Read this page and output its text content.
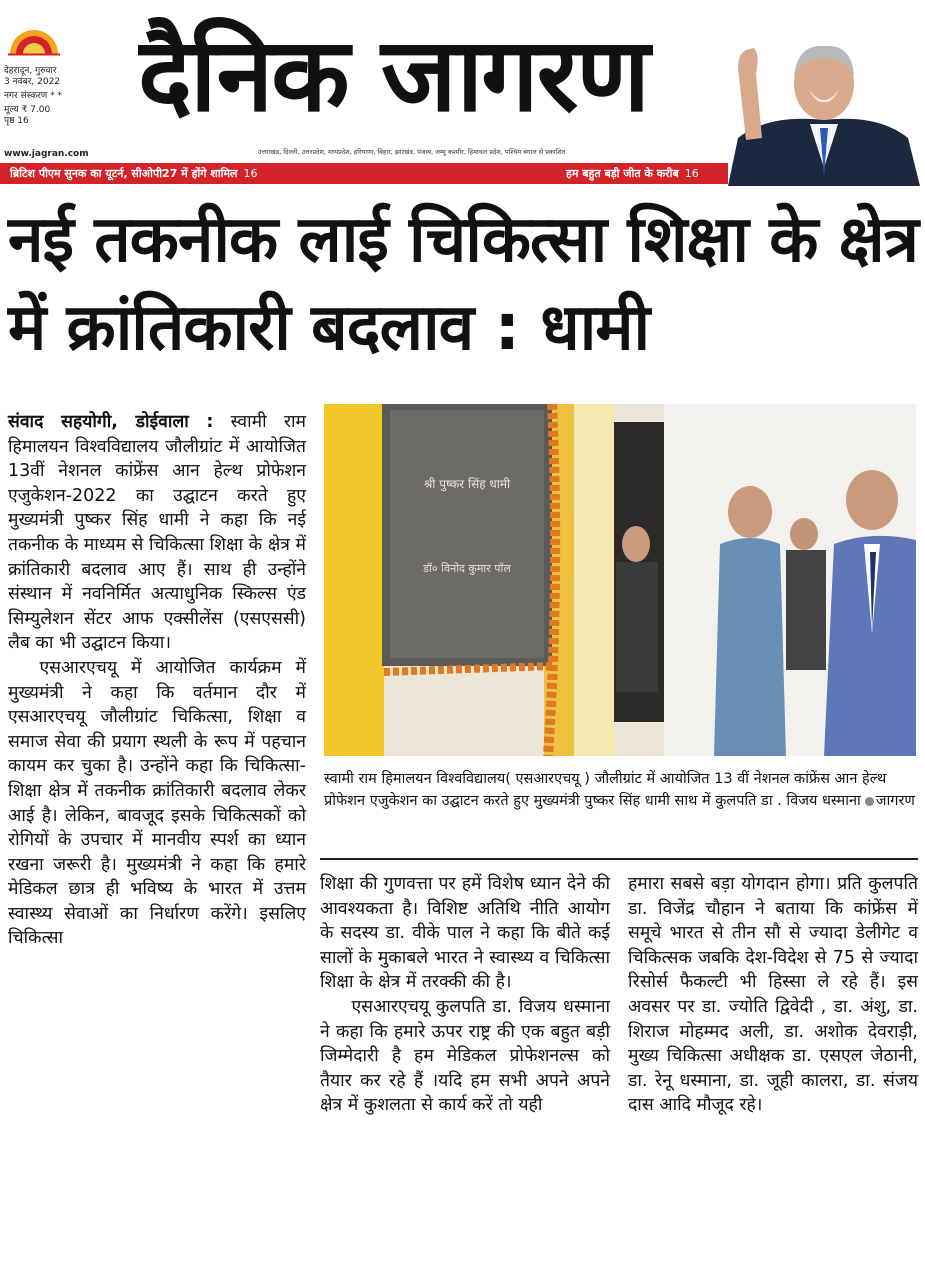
देहरादून, गुरुवार
3 नवंबर, 2022
नगर संस्करण * *
मूल्य ₹ 7.00
पृष्ठ 16
www.jagran.com
दैनिक जागरण
उत्तराखंड, दिल्ली, उत्तरप्रदेश, मध्यप्रदेश, हरियाणा, बिहार, झारखंड, पंजाब, जम्मू कश्मीर, हिमाचल प्रदेश, पश्चिम बंगाल से प्रकाशित
ब्रिटिश पीएम सुनक का यूटर्न, सीओपी27 में होंगे शामिल 16	हम बहुत बड़ी जीत के करीब 16
नई तकनीक लाई चिकित्सा शिक्षा के क्षेत्र में क्रांतिकारी बदलाव : धामी

संवाद सहयोगी, डोईवाला : स्वामी राम हिमालयन विश्वविद्यालय जौलीग्रांट में आयोजित 13वीं नेशनल कांफ्रेंस आन हेल्थ प्रोफेशन एजुकेशन-2022 का उद्घाटन करते हुए मुख्यमंत्री पुष्कर सिंह धामी ने कहा कि नई तकनीक के माध्यम से चिकित्सा शिक्षा के क्षेत्र में क्रांतिकारी बदलाव आए हैं। साथ ही उन्होंने संस्थान में नवनिर्मित अत्याधुनिक स्किल्स एंड सिम्युलेशन सेंटर आफ एक्सीलेंस (एसएससी) लैब का भी उद्घाटन किया।

एसआरएचयू में आयोजित कार्यक्रम में मुख्यमंत्री ने कहा कि वर्तमान दौर में एसआरएचयू जौलीग्रांट चिकित्सा, शिक्षा व समाज सेवा की प्रयाग स्थली के रूप में पहचान कायम कर चुका है। उन्होंने कहा कि चिकित्सा-शिक्षा क्षेत्र में तकनीक क्रांतिकारी बदलाव लेकर आई है। लेकिन, बावजूद इसके चिकित्सकों को रोगियों के उपचार में मानवीय स्पर्श का ध्यान रखना जरूरी है। मुख्यमंत्री ने कहा कि हमारे मेडिकल छात्र ही भविष्य के भारत में उत्तम स्वास्थ्य सेवाओं का निर्धारण करेंगे। इसलिए चिकित्सा

श्री पुष्कर सिंह धामी
डॉ० विनोद कुमार पॉल
स्वामी राम हिमालयन विश्वविद्यालय( एसआरएचयू ) जौलीग्रांट में आयोजित 13 वीं नेशनल कांफ्रेंस आन हेल्थ प्रोफेशन एजुकेशन का उद्घाटन करते हुए मुख्यमंत्री पुष्कर सिंह धामी साथ में कुलपति डा . विजय धस्माना जागरण

शिक्षा की गुणवत्ता पर हमें विशेष ध्यान देने की आवश्यकता है। विशिष्ट अतिथि नीति आयोग के सदस्य डा. वीके पाल ने कहा कि बीते कई सालों के मुकाबले भारत ने स्वास्थ्य व चिकित्सा शिक्षा के क्षेत्र में तरक्की की है।

एसआरएचयू कुलपति डा. विजय धस्माना ने कहा कि हमारे ऊपर राष्ट्र की एक बहुत बड़ी जिम्मेदारी है हम मेडिकल प्रोफेशनल्स को तैयार कर रहे हैं ।यदि हम सभी अपने अपने क्षेत्र में कुशलता से कार्य करें तो यही

हमारा सबसे बड़ा योगदान होगा। प्रति कुलपति डा. विजेंद्र चौहान ने बताया कि कांफ्रेंस में समूचे भारत से तीन सौ से ज्यादा डेलीगेट व चिकित्सक जबकि देश-विदेश से 75 से ज्यादा रिसोर्स फैकल्टी भी हिस्सा ले रहे हैं। इस अवसर पर डा. ज्योति द्विवेदी , डा. अंशु, डा. शिराज मोहम्मद अली, डा. अशोक देवराड़ी, मुख्य चिकित्सा अधीक्षक डा. एसएल जेठानी, डा. रेनू धस्माना, डा. जूही कालरा, डा. संजय दास आदि मौजूद रहे।
